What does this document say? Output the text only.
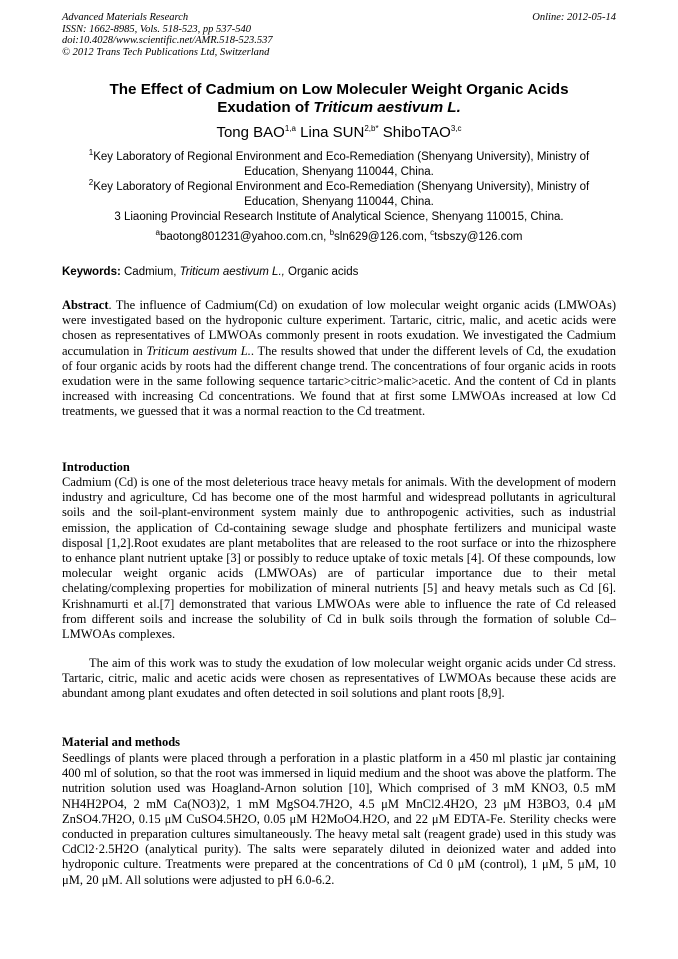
Advanced Materials Research
ISSN: 1662-8985, Vols. 518-523, pp 537-540
doi:10.4028/www.scientific.net/AMR.518-523.537
© 2012 Trans Tech Publications Ltd, Switzerland
Online: 2012-05-14
The Effect of Cadmium on Low Moleculer Weight Organic Acids
Exudation of Triticum aestivum L.
Tong BAO$^{1,a}$ Lina $SUN^{2,b*}$ ShiboTAO$^{3,c}$
$^1$Key Laboratory of Regional Environment and Eco-Remediation (Shenyang University), Ministry of Education, Shenyang 110044, China.
$^2$Key Laboratory of Regional Environment and Eco-Remediation (Shenyang University), Ministry of Education, Shenyang 110044, China.
3 Liaoning Provincial Research Institute of Analytical Science, Shenyang 110015, China.
$^a$baotong801231@yahoo.com.cn, $^b$sln629@126.com, $^c$tsbszy@126.com
Keywords: Cadmium, Triticum aestivum L., Organic acids
Abstract. The influence of Cadmium(Cd) on exudation of low molecular weight organic acids (LMWOAs) were investigated based on the hydroponic culture experiment. Tartaric, citric, malic, and acetic acids were chosen as representatives of LMWOAs commonly present in roots exudation. We investigated the Cadmium accumulation in Triticum aestivum L.. The results showed that under the different levels of Cd, the exudation of four organic acids by roots had the different change trend. The concentrations of four organic acids in roots exudation were in the same following sequence tartaric>citric>malic>acetic. And the content of Cd in plants increased with increasing Cd concentrations. We found that at first some LMWOAs increased at low Cd treatments, we guessed that it was a normal reaction to the Cd treatment.
Introduction
Cadmium (Cd) is one of the most deleterious trace heavy metals for animals. With the development of modern industry and agriculture, Cd has become one of the most harmful and widespread pollutants in agricultural soils and the soil-plant-environment system mainly due to anthropogenic activities, such as industrial emission, the application of Cd-containing sewage sludge and phosphate fertilizers and municipal waste disposal [1,2].Root exudates are plant metabolites that are released to the root surface or into the rhizosphere to enhance plant nutrient uptake [3] or possibly to reduce uptake of toxic metals [4]. Of these compounds, low molecular weight organic acids (LMWOAs) are of particular importance due to their metal chelating/complexing properties for mobilization of mineral nutrients [5] and heavy metals such as Cd [6]. Krishnamurti et al.[7] demonstrated that various LMWOAs were able to influence the rate of Cd released from different soils and increase the solubility of Cd in bulk soils through the formation of soluble Cd–LMWOAs complexes.
The aim of this work was to study the exudation of low molecular weight organic acids under Cd stress. Tartaric, citric, malic and acetic acids were chosen as representatives of LWMOAs because these acids are abundant among plant exudates and often detected in soil solutions and plant roots [8,9].
Material and methods
Seedlings of plants were placed through a perforation in a plastic platform in a 450 ml plastic jar containing 400 ml of solution, so that the root was immersed in liquid medium and the shoot was above the platform. The nutrition solution used was Hoagland-Arnon solution [10], Which comprised of 3 mM KNO3, 0.5 mM NH4H2PO4, 2 mM Ca(NO3)2, 1 mM MgSO4.7H2O, 4.5 μM MnCl2.4H2O, 23 μM H3BO3, 0.4 μM ZnSO4.7H2O, 0.15 μM CuSO4.5H2O, 0.05 μM H2MoO4.H2O, and 22 μM EDTA-Fe. Sterility checks were conducted in preparation cultures simultaneously. The heavy metal salt (reagent grade) used in this study was CdCl2·2.5H2O (analytical purity). The salts were separately diluted in deionized water and added into hydroponic culture. Treatments were prepared at the concentrations of Cd 0 μM (control), 1 μM, 5 μM, 10 μM, 20 μM. All solutions were adjusted to pH 6.0-6.2.
